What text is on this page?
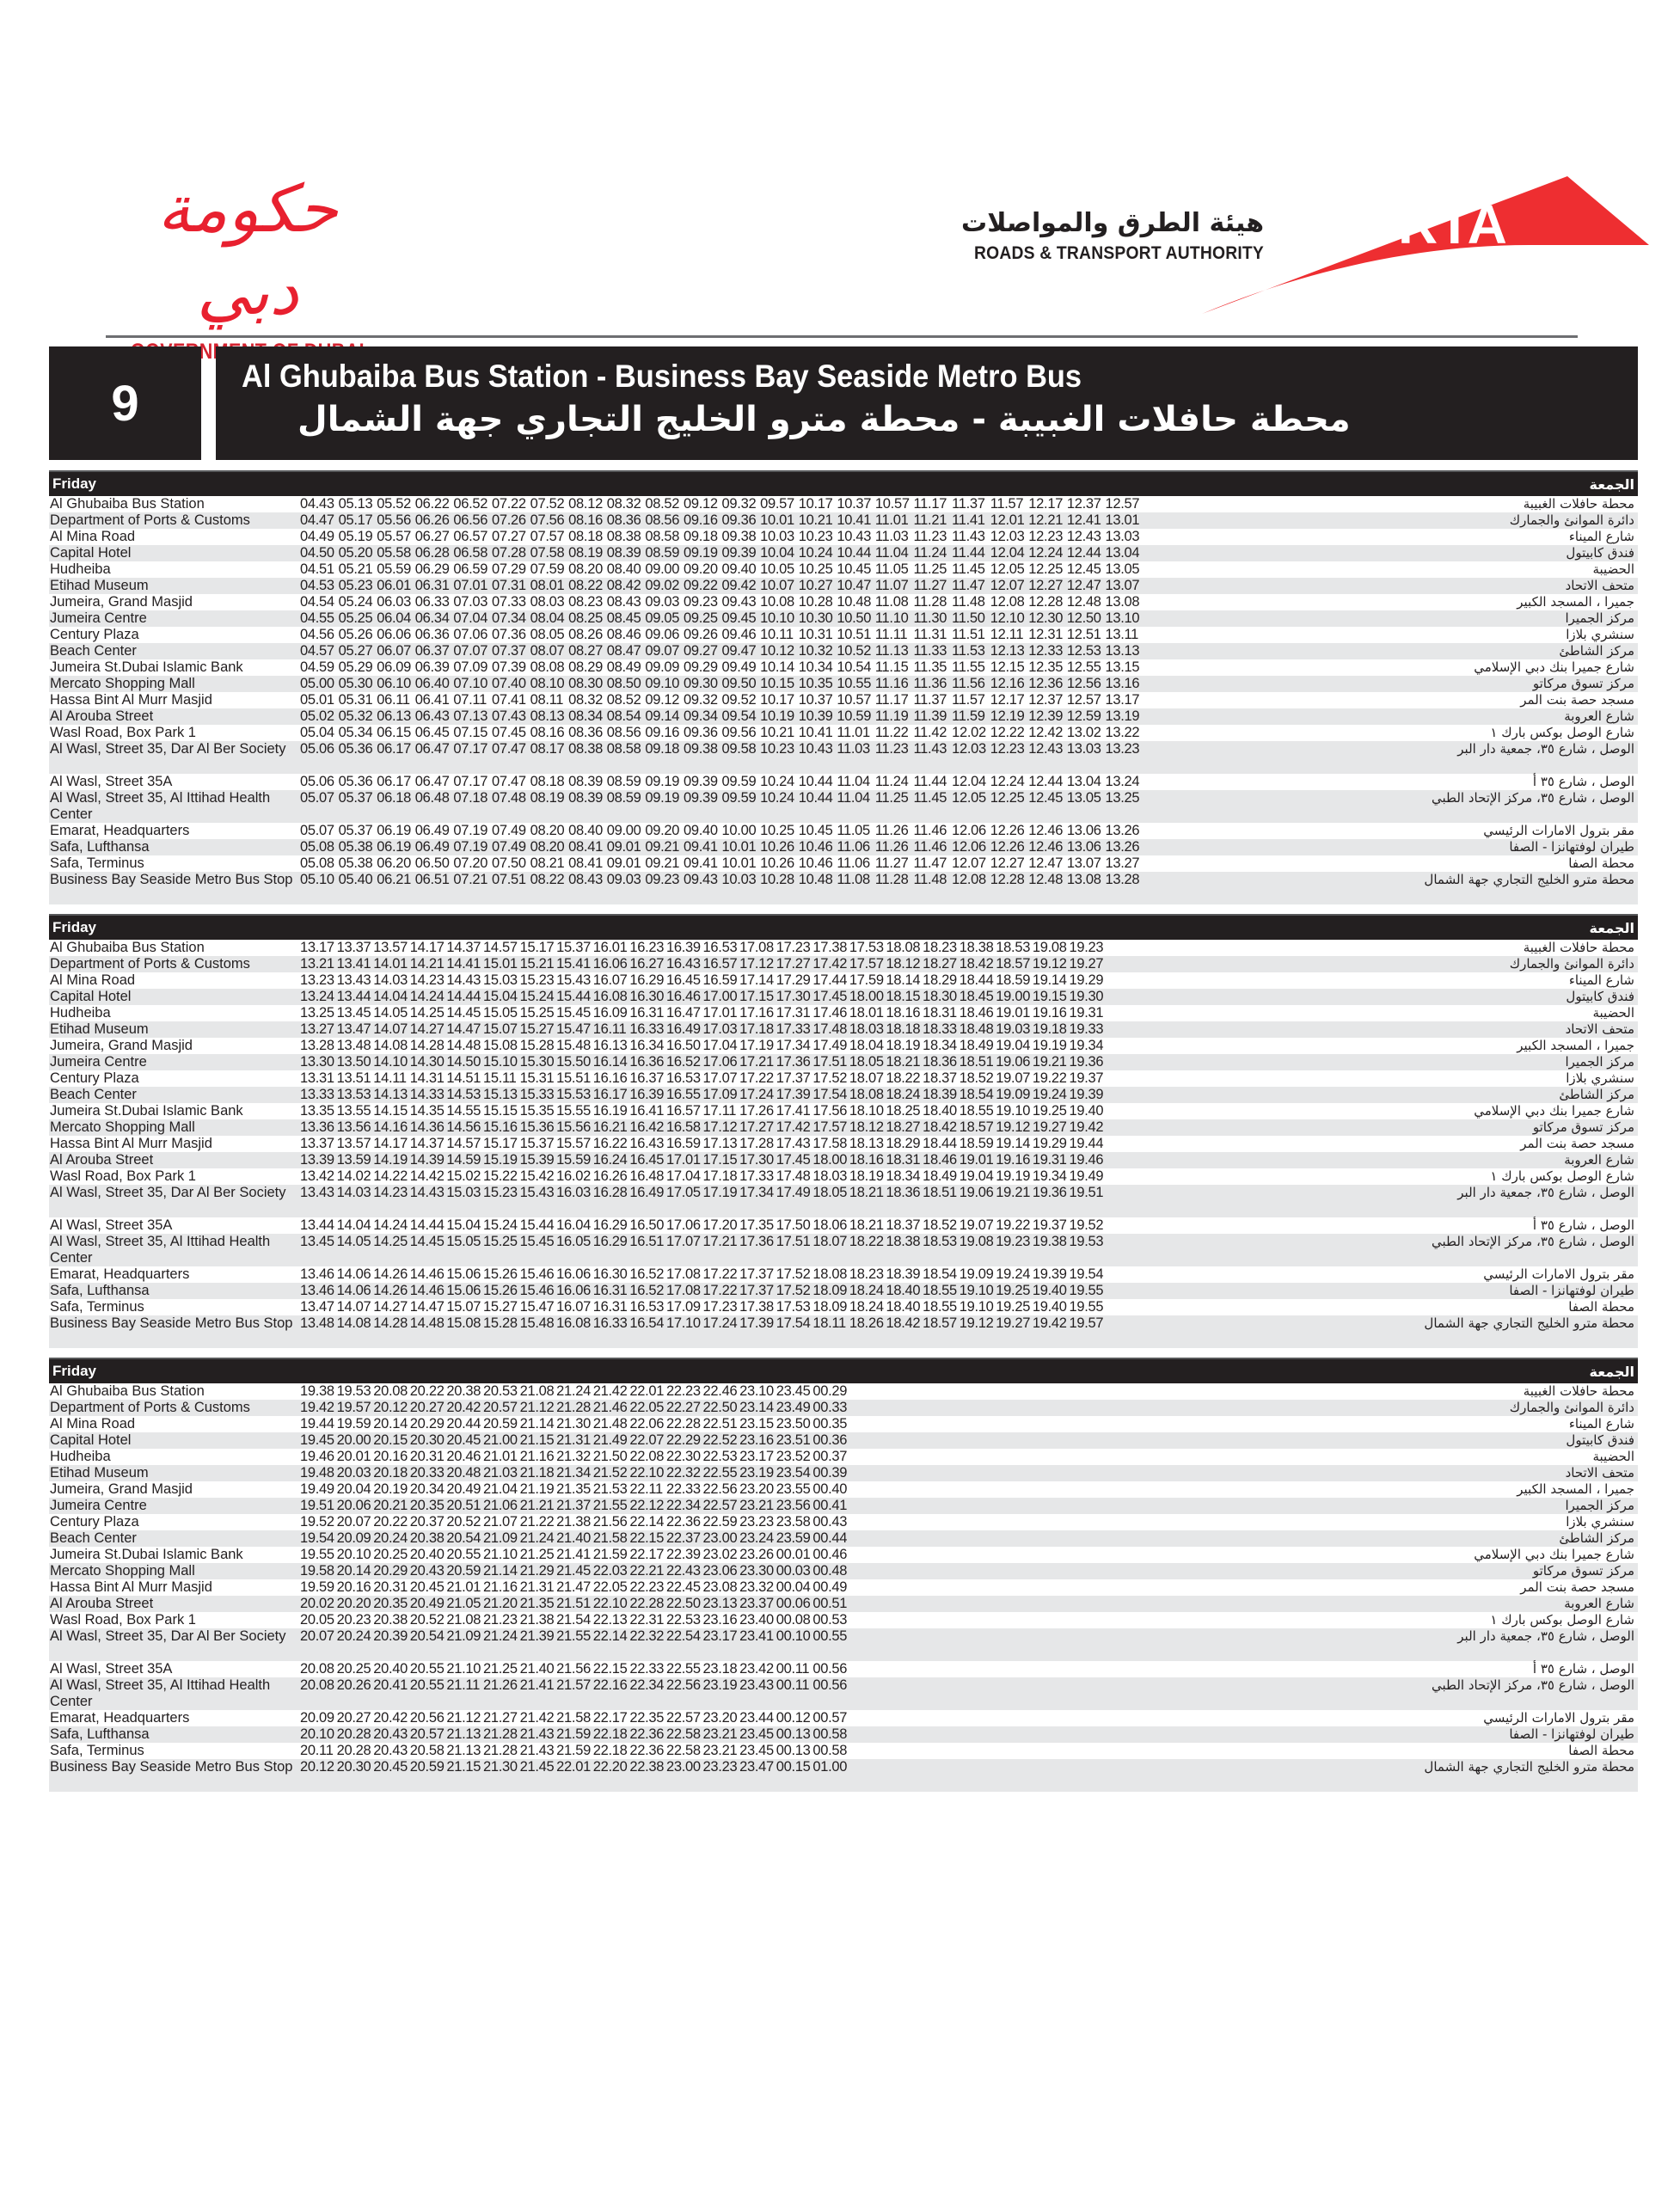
حكومة دبي
هيئة الطرق والمواصلات
ROADS & TRANSPORT AUTHORITY RTA
9	Al Ghubaiba Bus Station - Business Bay Seaside Metro Bus
محطة حافلات الغبيبة - محطة مترو الخليج التجاري جهة الشمال
Friday	الجمعة
Al Ghubaiba Bus Station	04.43 05.13 05.52 06.22 06.52 07.22 07.52 08.12 08.32 08.52 09.12 09.32 09.57 10.17 10.37 10.57 11.17 11.37 11.57 12.17 12.37 12.57	محطة حافلات الغبيبة
Department of Ports & Customs	04.47 05.17 05.56 06.26 06.56 07.26 07.56 08.16 08.36 08.56 09.16 09.36 10.01 10.21 10.41 11.01 11.21 11.41 12.01 12.21 12.41 13.01	دائرة الموانئ والجمارك
Al Mina Road	04.49 05.19 05.57 06.27 06.57 07.27 07.57 08.18 08.38 08.58 09.18 09.38 10.03 10.23 10.43 11.03 11.23 11.43 12.03 12.23 12.43 13.03	شارع الميناء
Capital Hotel	04.50 05.20 05.58 06.28 06.58 07.28 07.58 08.19 08.39 08.59 09.19 09.39 10.04 10.24 10.44 11.04 11.24 11.44 12.04 12.24 12.44 13.04	فندق كابيتول
Hudheiba	04.51 05.21 05.59 06.29 06.59 07.29 07.59 08.20 08.40 09.00 09.20 09.40 10.05 10.25 10.45 11.05 11.25 11.45 12.05 12.25 12.45 13.05	الحضيبة
Etihad Museum	04.53 05.23 06.01 06.31 07.01 07.31 08.01 08.22 08.42 09.02 09.22 09.42 10.07 10.27 10.47 11.07 11.27 11.47 12.07 12.27 12.47 13.07	متحف الاتحاد
Jumeira, Grand Masjid	04.54 05.24 06.03 06.33 07.03 07.33 08.03 08.23 08.43 09.03 09.23 09.43 10.08 10.28 10.48 11.08 11.28 11.48 12.08 12.28 12.48 13.08	جميرا ، المسجد الكبير
Jumeira Centre	04.55 05.25 06.04 06.34 07.04 07.34 08.04 08.25 08.45 09.05 09.25 09.45 10.10 10.30 10.50 11.10 11.30 11.50 12.10 12.30 12.50 13.10	مركز الجميرا
Century Plaza	04.56 05.26 06.06 06.36 07.06 07.36 08.05 08.26 08.46 09.06 09.26 09.46 10.11 10.31 10.51 11.11 11.31 11.51 12.11 12.31 12.51 13.11	سنشري بلازا
Beach Center	04.57 05.27 06.07 06.37 07.07 07.37 08.07 08.27 08.47 09.07 09.27 09.47 10.12 10.32 10.52 11.13 11.33 11.53 12.13 12.33 12.53 13.13	مركز الشاطئ
Jumeira St.Dubai Islamic Bank	04.59 05.29 06.09 06.39 07.09 07.39 08.08 08.29 08.49 09.09 09.29 09.49 10.14 10.34 10.54 11.15 11.35 11.55 12.15 12.35 12.55 13.15	شارع جميرا بنك دبي الإسلامي
Mercato Shopping Mall	05.00 05.30 06.10 06.40 07.10 07.40 08.10 08.30 08.50 09.10 09.30 09.50 10.15 10.35 10.55 11.16 11.36 11.56 12.16 12.36 12.56 13.16	مركز تسوق مركاتو
Hassa Bint Al Murr Masjid	05.01 05.31 06.11 06.41 07.11 07.41 08.11 08.32 08.52 09.12 09.32 09.52 10.17 10.37 10.57 11.17 11.37 11.57 12.17 12.37 12.57 13.17	مسجد حصة بنت المر
Al Arouba Street	05.02 05.32 06.13 06.43 07.13 07.43 08.13 08.34 08.54 09.14 09.34 09.54 10.19 10.39 10.59 11.19 11.39 11.59 12.19 12.39 12.59 13.19	شارع العروبة
Wasl Road, Box Park 1	05.04 05.34 06.15 06.45 07.15 07.45 08.16 08.36 08.56 09.16 09.36 09.56 10.21 10.41 11.01 11.22 11.42 12.02 12.22 12.42 13.02 13.22	شارع الوصل بوكس بارك ١
Al Wasl, Street 35, Dar Al Ber Society	05.06 05.36 06.17 06.47 07.17 07.47 08.17 08.38 08.58 09.18 09.38 09.58 10.23 10.43 11.03 11.23 11.43 12.03 12.23 12.43 13.03 13.23	الوصل ، شارع ٣٥، جمعية دار البر
Al Wasl, Street 35A	05.06 05.36 06.17 06.47 07.17 07.47 08.18 08.39 08.59 09.19 09.39 09.59 10.24 10.44 11.04 11.24 11.44 12.04 12.24 12.44 13.04 13.24	الوصل ، شارع ٣٥ أ
Al Wasl, Street 35, Al Ittihad Health Center
05.07 05.37 06.18 06.48 07.18 07.48 08.19 08.39 08.59 09.19 09.39 09.59 10.24 10.44 11.04 11.25 11.45 12.05 12.25 12.45 13.05 13.25	الوصل ، شارع ٣٥، مركز الإتحاد الطبي
Emarat, Headquarters	05.07 05.37 06.19 06.49 07.19 07.49 08.20 08.40 09.00 09.20 09.40 10.00 10.25 10.45 11.05 11.26 11.46 12.06 12.26 12.46 13.06 13.26	مقر بترول الامارات الرئيسي
Safa, Lufthansa	05.08 05.38 06.19 06.49 07.19 07.49 08.20 08.41 09.01 09.21 09.41 10.01 10.26 10.46 11.06 11.26 11.46 12.06 12.26 12.46 13.06 13.26	طيران لوفتهانزا - الصفا
Safa, Terminus	05.08 05.38 06.20 06.50 07.20 07.50 08.21 08.41 09.01 09.21 09.41 10.01 10.26 10.46 11.06 11.27 11.47 12.07 12.27 12.47 13.07 13.27	محطة الصفا
Business Bay Seaside Metro Bus Stop 05.10 05.40 06.21 06.51 07.21 07.51 08.22 08.43 09.03 09.23 09.43 10.03 10.28 10.48 11.08 11.28 11.48 12.08 12.28 12.48 13.08 13.28	محطة مترو الخليج التجاري جهة الشمال
Friday	الجمعة
Al Ghubaiba Bus Station	13.17 13.37 13.57 14.17 14.37 14.57 15.17 15.37 16.01 16.23 16.39 16.53 17.08 17.23 17.38 17.53 18.08 18.23 18.38 18.53 19.08 19.23	محطة حافلات الغبيبة
Department of Ports & Customs	13.21 13.41 14.01 14.21 14.41 15.01 15.21 15.41 16.06 16.27 16.43 16.57 17.12 17.27 17.42 17.57 18.12 18.27 18.42 18.57 19.12 19.27	دائرة الموانئ والجمارك
Al Mina Road	13.23 13.43 14.03 14.23 14.43 15.03 15.23 15.43 16.07 16.29 16.45 16.59 17.14 17.29 17.44 17.59 18.14 18.29 18.44 18.59 19.14 19.29	شارع الميناء
Capital Hotel	13.24 13.44 14.04 14.24 14.44 15.04 15.24 15.44 16.08 16.30 16.46 17.00 17.15 17.30 17.45 18.00 18.15 18.30 18.45 19.00 19.15 19.30	فندق كابيتول
Hudheiba	13.25 13.45 14.05 14.25 14.45 15.05 15.25 15.45 16.09 16.31 16.47 17.01 17.16 17.31 17.46 18.01 18.16 18.31 18.46 19.01 19.16 19.31	الحضيبة
Etihad Museum	13.27 13.47 14.07 14.27 14.47 15.07 15.27 15.47 16.11 16.33 16.49 17.03 17.18 17.33 17.48 18.03 18.18 18.33 18.48 19.03 19.18 19.33	متحف الاتحاد
Jumeira, Grand Masjid	13.28 13.48 14.08 14.28 14.48 15.08 15.28 15.48 16.13 16.34 16.50 17.04 17.19 17.34 17.49 18.04 18.19 18.34 18.49 19.04 19.19 19.34	جميرا ، المسجد الكبير
Jumeira Centre	13.30 13.50 14.10 14.30 14.50 15.10 15.30 15.50 16.14 16.36 16.52 17.06 17.21 17.36 17.51 18.05 18.21 18.36 18.51 19.06 19.21 19.36	مركز الجميرا
Century Plaza	13.31 13.51 14.11 14.31 14.51 15.11 15.31 15.51 16.16 16.37 16.53 17.07 17.22 17.37 17.52 18.07 18.22 18.37 18.52 19.07 19.22 19.37	سنشري بلازا
Beach Center	13.33 13.53 14.13 14.33 14.53 15.13 15.33 15.53 16.17 16.39 16.55 17.09 17.24 17.39 17.54 18.08 18.24 18.39 18.54 19.09 19.24 19.39	مركز الشاطئ
Jumeira St.Dubai Islamic Bank	13.35 13.55 14.15 14.35 14.55 15.15 15.35 15.55 16.19 16.41 16.57 17.11 17.26 17.41 17.56 18.10 18.25 18.40 18.55 19.10 19.25 19.40	شارع جميرا بنك دبي الإسلامي
Mercato Shopping Mall	13.36 13.56 14.16 14.36 14.56 15.16 15.36 15.56 16.21 16.42 16.58 17.12 17.27 17.42 17.57 18.12 18.27 18.42 18.57 19.12 19.27 19.42	مركز تسوق مركاتو
Hassa Bint Al Murr Masjid	13.37 13.57 14.17 14.37 14.57 15.17 15.37 15.57 16.22 16.43 16.59 17.13 17.28 17.43 17.58 18.13 18.29 18.44 18.59 19.14 19.29 19.44	مسجد حصة بنت المر
Al Arouba Street	13.39 13.59 14.19 14.39 14.59 15.19 15.39 15.59 16.24 16.45 17.01 17.15 17.30 17.45 18.00 18.16 18.31 18.46 19.01 19.16 19.31 19.46	شارع العروبة
Wasl Road, Box Park 1	13.42 14.02 14.22 14.42 15.02 15.22 15.42 16.02 16.26 16.48 17.04 17.18 17.33 17.48 18.03 18.19 18.34 18.49 19.04 19.19 19.34 19.49	شارع الوصل بوكس بارك ١
Al Wasl, Street 35, Dar Al Ber Society	13.43 14.03 14.23 14.43 15.03 15.23 15.43 16.03 16.28 16.49 17.05 17.19 17.34 17.49 18.05 18.21 18.36 18.51 19.06 19.21 19.36 19.51	الوصل ، شارع ٣٥، جمعية دار البر
Al Wasl, Street 35A	13.44 14.04 14.24 14.44 15.04 15.24 15.44 16.04 16.29 16.50 17.06 17.20 17.35 17.50 18.06 18.21 18.37 18.52 19.07 19.22 19.37 19.52	الوصل ، شارع ٣٥ أ
Al Wasl, Street 35, Al Ittihad Health Center
13.45 14.05 14.25 14.45 15.05 15.25 15.45 16.05 16.29 16.51 17.07 17.21 17.36 17.51 18.07 18.22 18.38 18.53 19.08 19.23 19.38 19.53	الوصل ، شارع ٣٥، مركز الإتحاد الطبي
Emarat, Headquarters	13.46 14.06 14.26 14.46 15.06 15.26 15.46 16.06 16.30 16.52 17.08 17.22 17.37 17.52 18.08 18.23 18.39 18.54 19.09 19.24 19.39 19.54	مقر بترول الامارات الرئيسي
Safa, Lufthansa	13.46 14.06 14.26 14.46 15.06 15.26 15.46 16.06 16.31 16.52 17.08 17.22 17.37 17.52 18.09 18.24 18.40 18.55 19.10 19.25 19.40 19.55	طيران لوفتهانزا - الصفا
Safa, Terminus	13.47 14.07 14.27 14.47 15.07 15.27 15.47 16.07 16.31 16.53 17.09 17.23 17.38 17.53 18.09 18.24 18.40 18.55 19.10 19.25 19.40 19.55	محطة الصفا
Business Bay Seaside Metro Bus Stop 13.48 14.08 14.28 14.48 15.08 15.28 15.48 16.08 16.33 16.54 17.10 17.24 17.39 17.54 18.11 18.26 18.42 18.57 19.12 19.27 19.42 19.57	محطة مترو الخليج التجاري جهة الشمال
Friday	الجمعة
Al Ghubaiba Bus Station	19.38 19.53 20.08 20.22 20.38 20.53 21.08 21.24 21.42 22.01 22.23 22.46 23.10 23.45 00.29	محطة حافلات الغبيبة
Department of Ports & Customs	19.42 19.57 20.12 20.27 20.42 20.57 21.12 21.28 21.46 22.05 22.27 22.50 23.14 23.49 00.33	دائرة الموانئ والجمارك
Al Mina Road	19.44 19.59 20.14 20.29 20.44 20.59 21.14 21.30 21.48 22.06 22.28 22.51 23.15 23.50 00.35	شارع الميناء
Capital Hotel	19.45 20.00 20.15 20.30 20.45 21.00 21.15 21.31 21.49 22.07 22.29 22.52 23.16 23.51 00.36	فندق كابيتول
Hudheiba	19.46 20.01 20.16 20.31 20.46 21.01 21.16 21.32 21.50 22.08 22.30 22.53 23.17 23.52 00.37	الحضيبة
Etihad Museum	19.48 20.03 20.18 20.33 20.48 21.03 21.18 21.34 21.52 22.10 22.32 22.55 23.19 23.54 00.39	متحف الاتحاد
Jumeira, Grand Masjid	19.49 20.04 20.19 20.34 20.49 21.04 21.19 21.35 21.53 22.11 22.33 22.56 23.20 23.55 00.40	جميرا ، المسجد الكبير
Jumeira Centre	19.51 20.06 20.21 20.35 20.51 21.06 21.21 21.37 21.55 22.12 22.34 22.57 23.21 23.56 00.41	مركز الجميرا
Century Plaza	19.52 20.07 20.22 20.37 20.52 21.07 21.22 21.38 21.56 22.14 22.36 22.59 23.23 23.58 00.43	سنشري بلازا
Beach Center	19.54 20.09 20.24 20.38 20.54 21.09 21.24 21.40 21.58 22.15 22.37 23.00 23.24 23.59 00.44	مركز الشاطئ
Jumeira St.Dubai Islamic Bank	19.55 20.10 20.25 20.40 20.55 21.10 21.25 21.41 21.59 22.17 22.39 23.02 23.26 00.01 00.46	شارع جميرا بنك دبي الإسلامي
Mercato Shopping Mall	19.58 20.14 20.29 20.43 20.59 21.14 21.29 21.45 22.03 22.21 22.43 23.06 23.30 00.03 00.48	مركز تسوق مركاتو
Hassa Bint Al Murr Masjid	19.59 20.16 20.31 20.45 21.01 21.16 21.31 21.47 22.05 22.23 22.45 23.08 23.32 00.04 00.49	مسجد حصة بنت المر
Al Arouba Street	20.02 20.20 20.35 20.49 21.05 21.20 21.35 21.51 22.10 22.28 22.50 23.13 23.37 00.06 00.51	شارع العروبة
Wasl Road, Box Park 1	20.05 20.23 20.38 20.52 21.08 21.23 21.38 21.54 22.13 22.31 22.53 23.16 23.40 00.08 00.53	شارع الوصل بوكس بارك ١
Al Wasl, Street 35, Dar Al Ber Society	20.07 20.24 20.39 20.54 21.09 21.24 21.39 21.55 22.14 22.32 22.54 23.17 23.41 00.10 00.55	الوصل ، شارع ٣٥، جمعية دار البر
Al Wasl, Street 35A	20.08 20.25 20.40 20.55 21.10 21.25 21.40 21.56 22.15 22.33 22.55 23.18 23.42 00.11 00.56	الوصل ، شارع ٣٥ أ
Al Wasl, Street 35, Al Ittihad Health Center
20.08 20.26 20.41 20.55 21.11 21.26 21.41 21.57 22.16 22.34 22.56 23.19 23.43 00.11 00.56	الوصل ، شارع ٣٥، مركز الإتحاد الطبي
Emarat, Headquarters	20.09 20.27 20.42 20.56 21.12 21.27 21.42 21.58 22.17 22.35 22.57 23.20 23.44 00.12 00.57	مقر بترول الامارات الرئيسي
Safa, Lufthansa	20.10 20.28 20.43 20.57 21.13 21.28 21.43 21.59 22.18 22.36 22.58 23.21 23.45 00.13 00.58	طيران لوفتهانزا - الصفا
Safa, Terminus	20.11 20.28 20.43 20.58 21.13 21.28 21.43 21.59 22.18 22.36 22.58 23.21 23.45 00.13 00.58	محطة الصفا
Business Bay Seaside Metro Bus Stop 20.12 20.30 20.45 20.59 21.15 21.30 21.45 22.01 22.20 22.38 23.00 23.23 23.47 00.15 01.00	محطة مترو الخليج التجاري جهة الشمال
